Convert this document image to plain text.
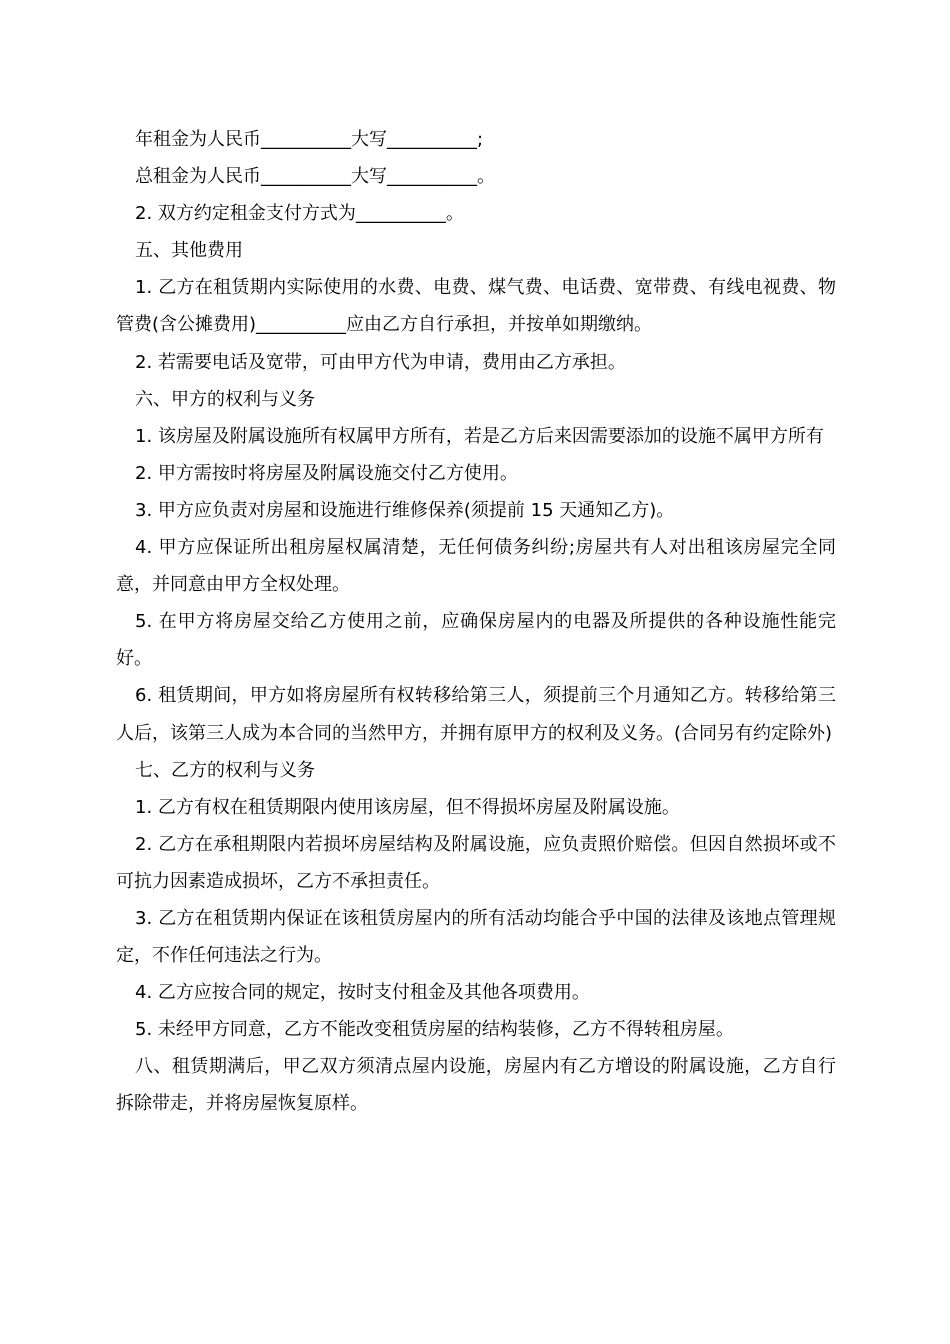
年租金为人民币__________大写__________;

总租金为人民币__________大写__________。

2. 双方约定租金支付方式为__________。

五、其他费用

1. 乙方在租赁期内实际使用的水费、电费、煤气费、电话费、宽带费、有线电视费、物管费(含公摊费用)__________应由乙方自行承担，并按单如期缴纳。

2. 若需要电话及宽带，可由甲方代为申请，费用由乙方承担。

六、甲方的权利与义务

1. 该房屋及附属设施所有权属甲方所有，若是乙方后来因需要添加的设施不属甲方所有

2. 甲方需按时将房屋及附属设施交付乙方使用。

3. 甲方应负责对房屋和设施进行维修保养(须提前 15 天通知乙方)。

4. 甲方应保证所出租房屋权属清楚，无任何债务纠纷;房屋共有人对出租该房屋完全同意，并同意由甲方全权处理。

5. 在甲方将房屋交给乙方使用之前，应确保房屋内的电器及所提供的各种设施性能完好。

6. 租赁期间，甲方如将房屋所有权转移给第三人，须提前三个月通知乙方。转移给第三人后，该第三人成为本合同的当然甲方，并拥有原甲方的权利及义务。(合同另有约定除外)

七、乙方的权利与义务

1. 乙方有权在租赁期限内使用该房屋，但不得损坏房屋及附属设施。

2. 乙方在承租期限内若损坏房屋结构及附属设施，应负责照价赔偿。但因自然损坏或不可抗力因素造成损坏，乙方不承担责任。

3. 乙方在租赁期内保证在该租赁房屋内的所有活动均能合乎中国的法律及该地点管理规定，不作任何违法之行为。

4. 乙方应按合同的规定，按时支付租金及其他各项费用。

5. 未经甲方同意，乙方不能改变租赁房屋的结构装修，乙方不得转租房屋。

八、租赁期满后，甲乙双方须清点屋内设施，房屋内有乙方增设的附属设施，乙方自行拆除带走，并将房屋恢复原样。
